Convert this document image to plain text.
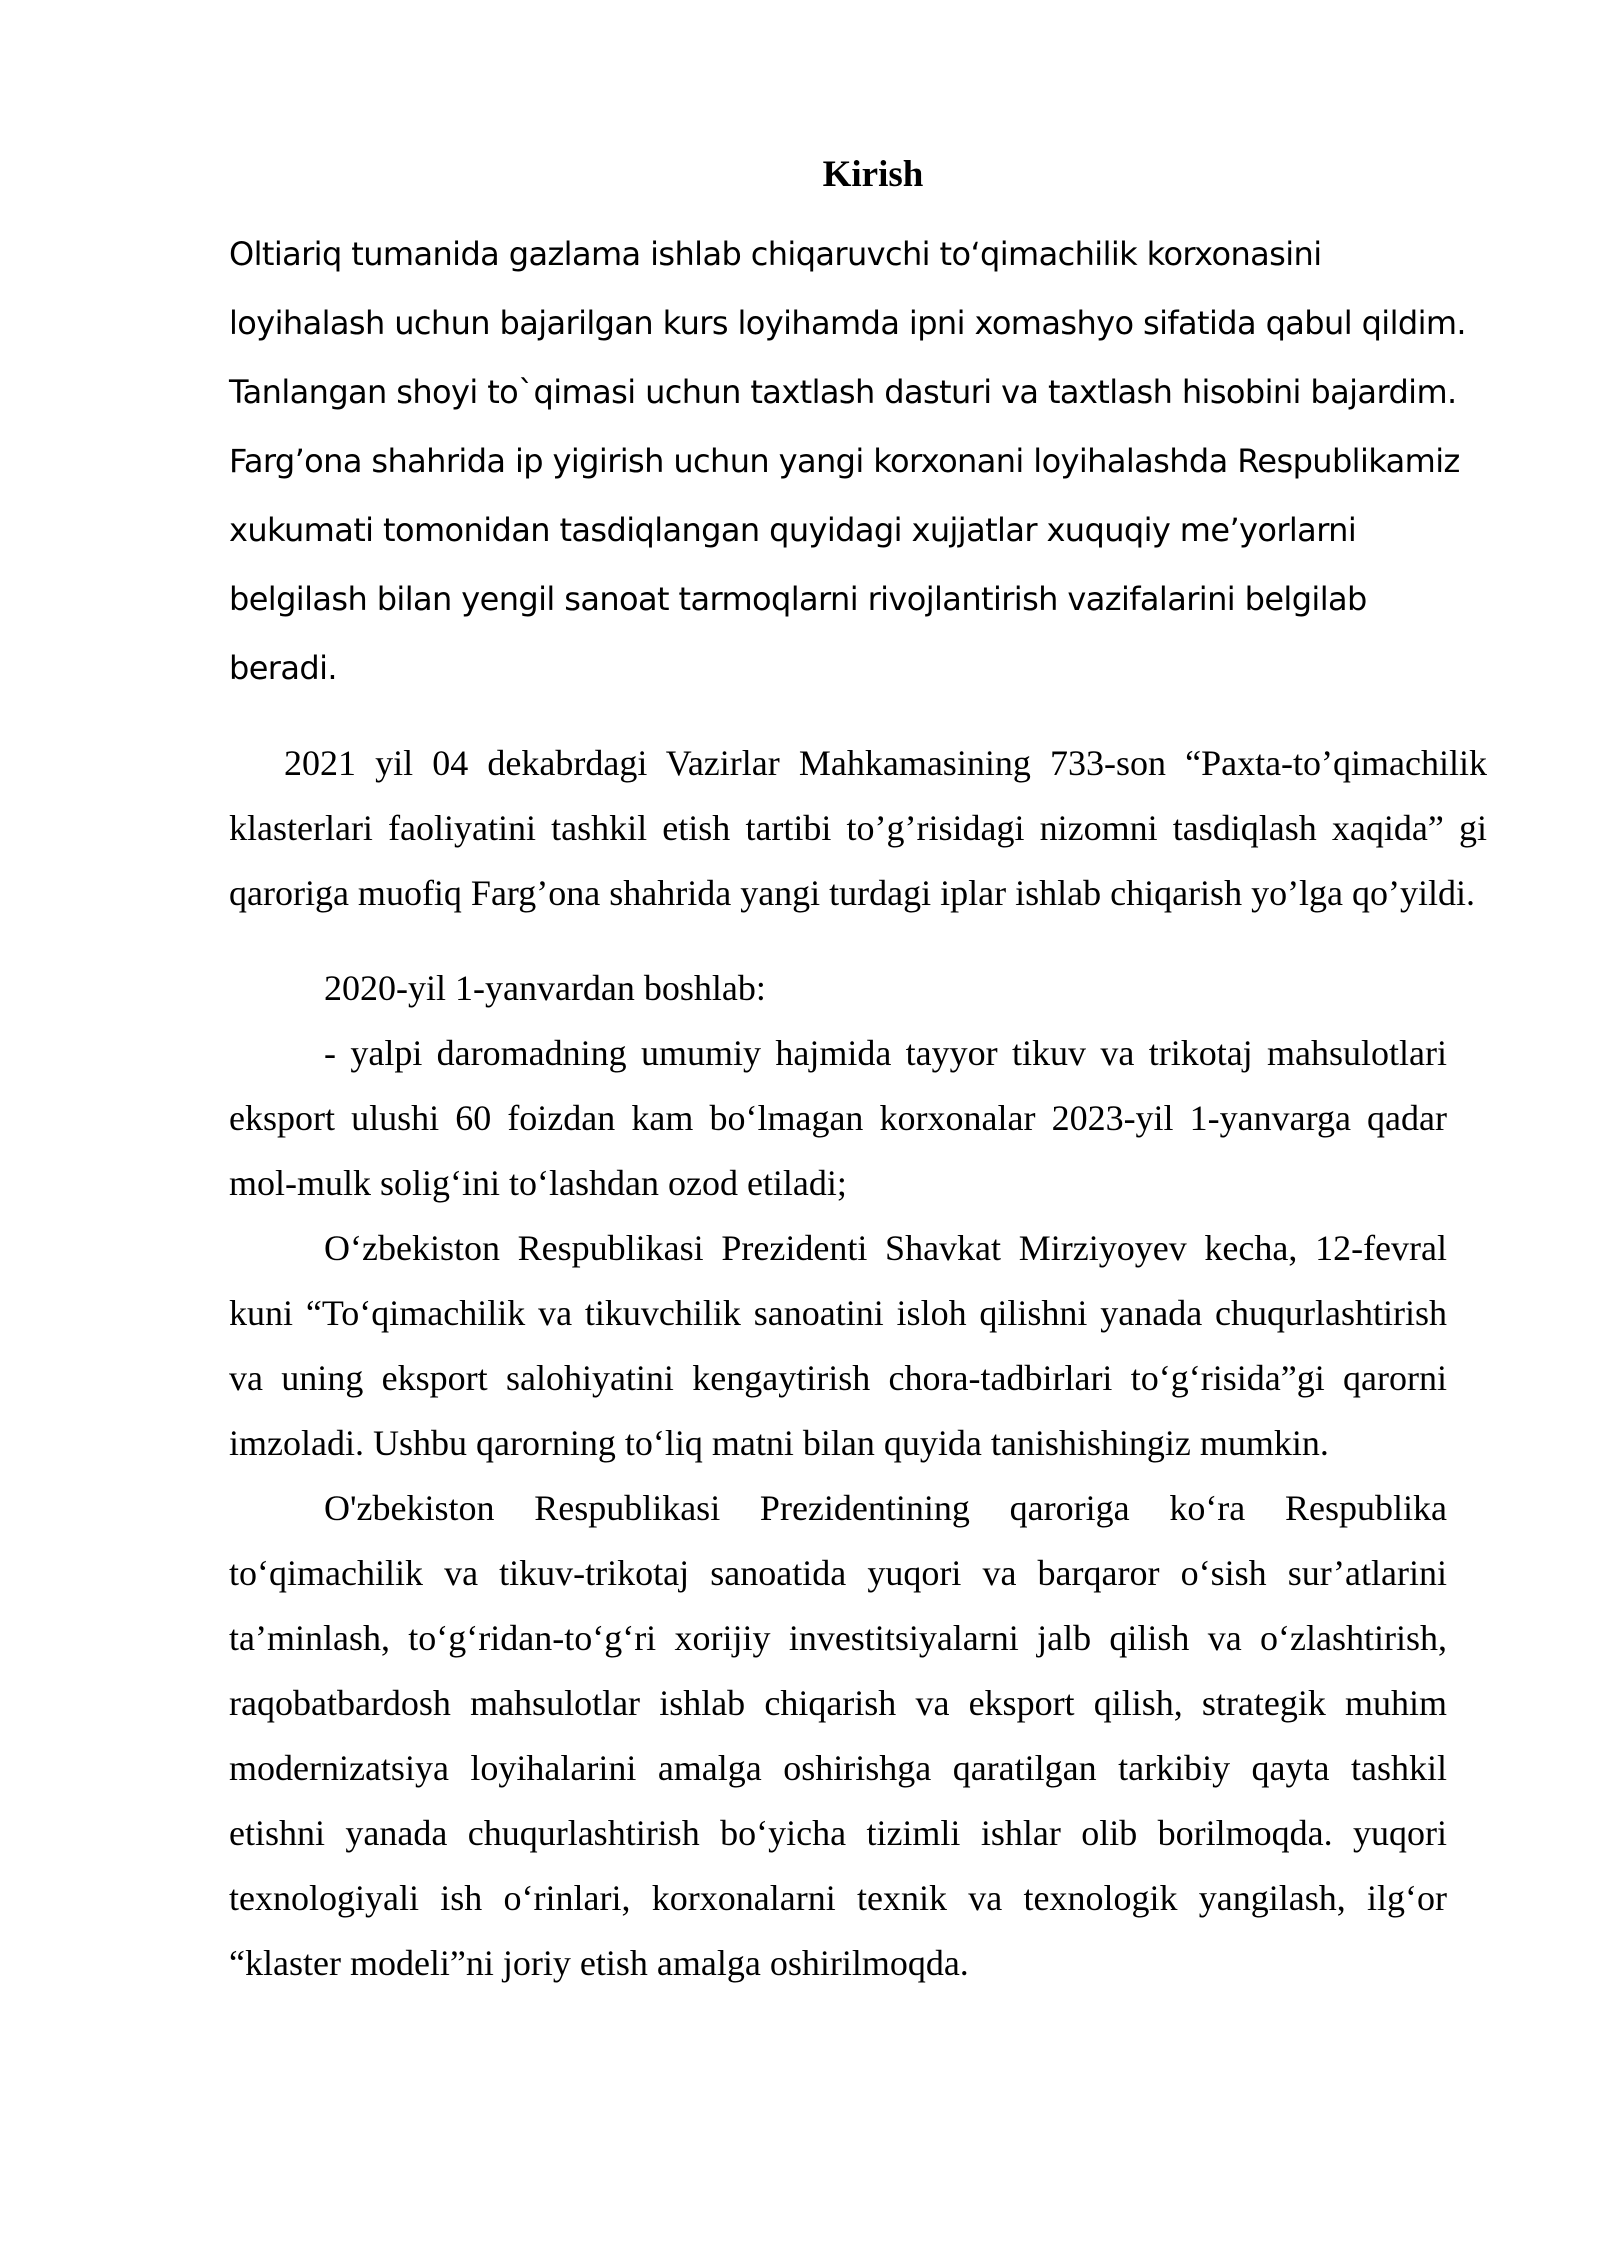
Kirish

Oltiariq tumanida gazlama ishlab chiqaruvchi toʻqimachilik korxonasini loyihalash uchun bajarilgan kurs loyihamda ipni xomashyo sifatida qabul qildim. Tanlangan shoyi to`qimasi uchun taxtlash dasturi va taxtlash hisobini bajardim. Farg’ona shahrida ip yigirish uchun yangi korxonani loyihalashda Respublikamiz xukumati tomonidan tasdiqlangan quyidagi xujjatlar xuquqiy me’yorlarni belgilash bilan yengil sanoat tarmoqlarni rivojlantirish vazifalarini belgilab beradi.

2021 yil 04 dekabrdagi Vazirlar Mahkamasining 733-son “Paxta-to’qimachilik klasterlari faoliyatini tashkil etish tartibi to’g’risidagi nizomni tasdiqlash xaqida” gi qaroriga muofiq Farg’ona shahrida yangi turdagi iplar ishlab chiqarish yo’lga qo’yildi.

2020-yil 1-yanvardan boshlab:

- yalpi daromadning umumiy hajmida tayyor tikuv va trikotaj mahsulotlari eksport ulushi 60 foizdan kam boʻlmagan korxonalar 2023-yil 1-yanvarga qadar mol-mulk soligʻini toʻlashdan ozod etiladi;

Oʻzbekiston Respublikasi Prezidenti Shavkat Mirziyoyev kecha, 12-fevral kuni “Toʻqimachilik va tikuvchilik sanoatini isloh qilishni yanada chuqurlashtirish va uning eksport salohiyatini kengaytirish chora-tadbirlari toʻgʻrisida”gi qarorni imzoladi. Ushbu qarorning toʻliq matni bilan quyida tanishishingiz mumkin.

O'zbekiston Respublikasi Prezidentining qaroriga koʻra Respublika toʻqimachilik va tikuv-trikotaj sanoatida yuqori va barqaror oʻsish sur’atlarini ta’minlash, toʻgʻridan-toʻgʻri xorijiy investitsiyalarni jalb qilish va oʻzlashtirish, raqobatbardosh mahsulotlar ishlab chiqarish va eksport qilish, strategik muhim modernizatsiya loyihalarini amalga oshirishga qaratilgan tarkibiy qayta tashkil etishni yanada chuqurlashtirish boʻyicha tizimli ishlar olib borilmoqda. yuqori texnologiyali ish oʻrinlari, korxonalarni texnik va texnologik yangilash, ilgʻor “klaster modeli”ni joriy etish amalga oshirilmoqda.
